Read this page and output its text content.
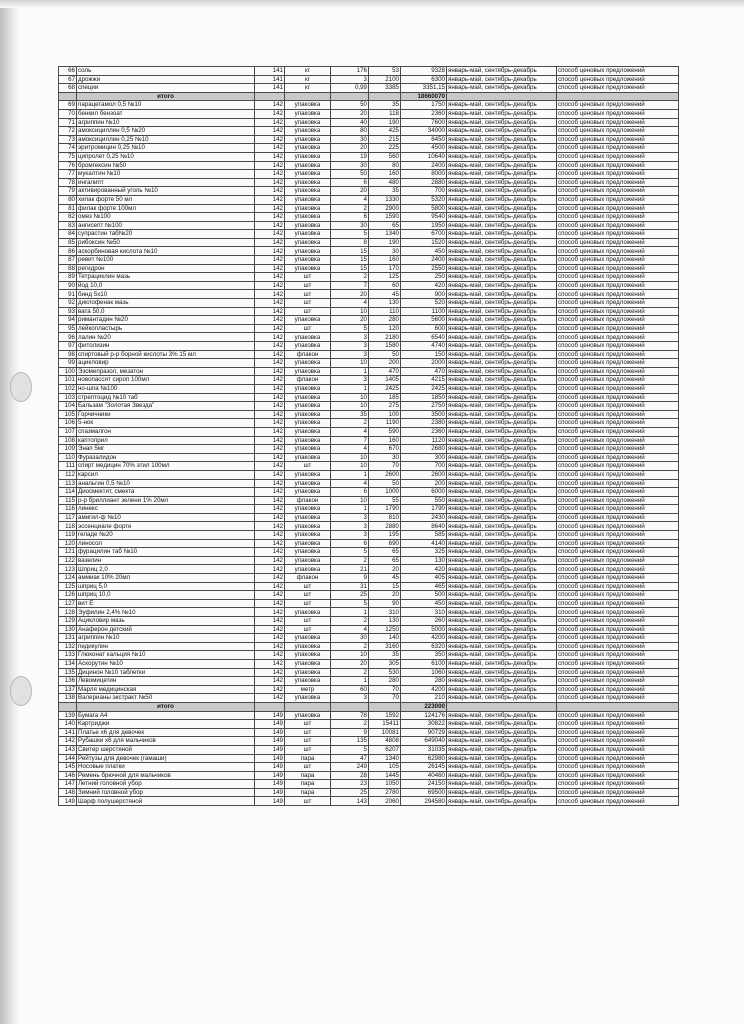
66	соль	141	кг	176	53	9328	январь-май, сентябрь-декабрь	способ ценовых предложений
67	дрожжи	141	кг	3	2100	6300	январь-май, сентябрь-декабрь	способ ценовых предложений
68	специи	141	кг	0,99	3385	3351,15	январь-май, сентябрь-декабрь	способ ценовых предложений
	итого					18660070		
69	парацетамол 0,5 №10	142	упаковка	50	35	1750	январь-май, сентябрь-декабрь	способ ценовых предложений
70	бенкил бензоат	142	упаковка	20	118	2360	январь-май, сентябрь-декабрь	способ ценовых предложений
71	агриппин №10	142	упаковка	40	190	7600	январь-май, сентябрь-декабрь	способ ценовых предложений
72	амоксициллин 0,5 №20	142	упаковка	80	425	34000	январь-май, сентябрь-декабрь	способ ценовых предложений
73	амоксициллин 0,25 №10	142	упаковка	30	215	6450	январь-май, сентябрь-декабрь	способ ценовых предложений
74	эритромицин 0,25 №10	142	упаковка	20	225	4500	январь-май, сентябрь-декабрь	способ ценовых предложений
75	ципролет 0,25 №10	142	упаковка	19	560	10640	январь-май, сентябрь-декабрь	способ ценовых предложений
76	бромгексин №50	142	упаковка	30	80	2400	январь-май, сентябрь-декабрь	способ ценовых предложений
77	мукалтин №10	142	упаковка	50	160	8000	январь-май, сентябрь-декабрь	способ ценовых предложений
78	ингалипт	142	упаковка	6	480	2880	январь-май, сентябрь-декабрь	способ ценовых предложений
79	активированный уголь №10	142	упаковка	20	35	700	январь-май, сентябрь-декабрь	способ ценовых предложений
80	хилак форте 50 мл	142	упаковка	4	1330	5320	январь-май, сентябрь-декабрь	способ ценовых предложений
81	филак форте 100мл	142	упаковка	2	2900	5800	январь-май, сентябрь-декабрь	способ ценовых предложений
82	омез №100	142	упаковка	6	1590	9540	январь-май, сентябрь-декабрь	способ ценовых предложений
83	ангисепт №100	142	упаковка	30	65	1950	январь-май, сентябрь-декабрь	способ ценовых предложений
84	супрастин таб№20	142	упаковка	5	1340	6700	январь-май, сентябрь-декабрь	способ ценовых предложений
85	рибоксин №50	142	упаковка	8	190	1520	январь-май, сентябрь-декабрь	способ ценовых предложений
86	аскорбиновая кислота №10	142	упаковка	15	30	450	январь-май, сентябрь-декабрь	способ ценовых предложений
87	ревит №100	142	упаковка	15	160	2400	январь-май, сентябрь-декабрь	способ ценовых предложений
88	регидрон	142	упаковка	15	170	2550	январь-май, сентябрь-декабрь	способ ценовых предложений
89	Тетрациклин мазь	142	шт	2	125	250	январь-май, сентябрь-декабрь	способ ценовых предложений
90	йод 10,0	142	шт	7	60	420	январь-май, сентябрь-декабрь	способ ценовых предложений
91	бинд 5х10	142	шт	20	45	900	январь-май, сентябрь-декабрь	способ ценовых предложений
92	диклофенак мазь	142	шт	4	130	520	январь-май, сентябрь-декабрь	способ ценовых предложений
93	вата 50,0	142	шт	10	110	1100	январь-май, сентябрь-декабрь	способ ценовых предложений
94	римантадин №20	142	упаковка	20	280	5600	январь-май, сентябрь-декабрь	способ ценовых предложений
95	лейкопластырь	142	шт	5	120	600	январь-май, сентябрь-декабрь	способ ценовых предложений
96	лалин №20	142	упаковка	3	2180	6540	январь-май, сентябрь-декабрь	способ ценовых предложений
97	фитолизин	142	упаковка	3	1580	4740	январь-май, сентябрь-декабрь	способ ценовых предложений
98	спиртовый р-р борной кислоты 3% 15 мл	142	флакон	3	50	150	январь-май, сентябрь-декабрь	способ ценовых предложений
99	ацикловир	142	упаковка	10	200	2000	январь-май, сентябрь-декабрь	способ ценовых предложений
100	Эзомепразол, мезатон	142	упаковка	1	470	470	январь-май, сентябрь-декабрь	способ ценовых предложений
101	новопассит сироп 100мл	142	флакон	3	1405	4215	январь-май, сентябрь-декабрь	способ ценовых предложений
102	но-шпа №100	142	упаковка	1	2425	2425	январь-май, сентябрь-декабрь	способ ценовых предложений
103	стрептоцид №10 таб	142	упаковка	10	185	1850	январь-май, сентябрь-декабрь	способ ценовых предложений
104	Бальзам "Золотая Звезда"	142	упаковка	10	275	2750	январь-май, сентябрь-декабрь	способ ценовых предложений
105	Горчичники	142	упаковка	35	100	3500	январь-май, сентябрь-декабрь	способ ценовых предложений
106	5-нок	142	упаковка	2	1190	2380	январь-май, сентябрь-декабрь	способ ценовых предложений
107	спазмалгон	142	упаковка	4	590	2360	январь-май, сентябрь-декабрь	способ ценовых предложений
108	каптоприл	142	упаковка	7	160	1120	январь-май, сентябрь-декабрь	способ ценовых предложений
109	Энап 5мг	142	упаковка	4	670	2680	январь-май, сентябрь-декабрь	способ ценовых предложений
110	Фуразалидон	142	упаковка	10	30	300	январь-май, сентябрь-декабрь	способ ценовых предложений
111	спирт медицин 70% этил 100мл	142	шт	10	70	700	январь-май, сентябрь-декабрь	способ ценовых предложений
112	карсил	142	упаковка	1	2600	2600	январь-май, сентябрь-декабрь	способ ценовых предложений
113	анальгин 0,5 №10	142	упаковка	4	50	200	январь-май, сентябрь-декабрь	способ ценовых предложений
114	Диосмектит, смекта	142	упаковка	6	1000	6000	январь-май, сентябрь-декабрь	способ ценовых предложений
115	р-р бриллиант зелени 1% 20мл	142	флакон	10	55	550	январь-май, сентябрь-декабрь	способ ценовых предложений
116	линекс	142	упаковка	1	1790	1790	январь-май, сентябрь-декабрь	способ ценовых предложений
117	амигил-ф №10	142	упаковка	3	810	2430	январь-май, сентябрь-декабрь	способ ценовых предложений
118	эссенциале форте	142	упаковка	3	2880	8640	январь-май, сентябрь-декабрь	способ ценовых предложений
119	геладе №20	142	упаковка	3	195	585	январь-май, сентябрь-декабрь	способ ценовых предложений
120	линосол	142	упаковка	6	690	4140	январь-май, сентябрь-декабрь	способ ценовых предложений
121	фурацилин таб №10	142	упаковка	5	65	325	январь-май, сентябрь-декабрь	способ ценовых предложений
122	вазелин	142	упаковка	2	65	130	январь-май, сентябрь-декабрь	способ ценовых предложений
123	Шприц 2,0	142	упаковка	21	20	420	январь-май, сентябрь-декабрь	способ ценовых предложений
124	аммиак 10% 20мл	142	флакон	9	45	405	январь-май, сентябрь-декабрь	способ ценовых предложений
125	шприц 5,0	142	шт	31	15	465	январь-май, сентябрь-декабрь	способ ценовых предложений
126	шприц 10,0	142	шт	25	20	500	январь-май, сентябрь-декабрь	способ ценовых предложений
127	вит Е	142	шт	5	90	450	январь-май, сентябрь-декабрь	способ ценовых предложений
128	Эуфилин 2,4% №10	142	упаковка	1	310	310	январь-май, сентябрь-декабрь	способ ценовых предложений
129	Ацикловир мазь	142	шт	2	130	260	январь-май, сентябрь-декабрь	способ ценовых предложений
130	Анаферон детский	142	шт	4	1250	5000	январь-май, сентябрь-декабрь	способ ценовых предложений
131	агриппин №10	142	упаковка	30	140	4200	январь-май, сентябрь-декабрь	способ ценовых предложений
132	педикулин	142	упаковка	2	3160	6320	январь-май, сентябрь-декабрь	способ ценовых предложений
133	Глюконат кальция №10	142	упаковка	10	35	350	январь-май, сентябрь-декабрь	способ ценовых предложений
134	Аскорутин №10	142	упаковка	20	305	6100	январь-май, сентябрь-декабрь	способ ценовых предложений
135	Дицинон №10 таблетки	142	упаковка	2	530	1060	январь-май, сентябрь-декабрь	способ ценовых предложений
136	Левомицетин	142	упаковка	1	280	280	январь-май, сентябрь-декабрь	способ ценовых предложений
137	Марля медицинская	142	метр	60	70	4200	январь-май, сентябрь-декабрь	способ ценовых предложений
138	Валерианы экстракт №50	142	упаковка	3	70	210	январь-май, сентябрь-декабрь	способ ценовых предложений
	итого					223000		
139	Бумага А4	149	упаковка	78	1592	124176	январь-май, сентябрь-декабрь	способ ценовых предложений
140	Картриджи	149	шт	2	15411	30822	январь-май, сентябрь-декабрь	способ ценовых предложений
141	Платье х6 для девочек	149	шт	9	10081	90729	январь-май, сентябрь-декабрь	способ ценовых предложений
142	Рубашки х6 для мальчиков	149	шт	135	4808	649040	январь-май, сентябрь-декабрь	способ ценовых предложений
143	Свитер шерстяной	149	шт	5	6207	31035	январь-май, сентябрь-декабрь	способ ценовых предложений
144	Рейтузы для девочек (гамаши)	149	пара	47	1340	62980	январь-май, сентябрь-декабрь	способ ценовых предложений
145	Носовые платки	149	шт	249	105	26145	январь-май, сентябрь-декабрь	способ ценовых предложений
146	Ремень брючной для мальчиков	149	пара	28	1445	40460	январь-май, сентябрь-декабрь	способ ценовых предложений
147	Летний головной убор	149	пара	23	1050	24150	январь-май, сентябрь-декабрь	способ ценовых предложений
148	Зимний головной убор	149	пара	25	2780	69500	январь-май, сентябрь-декабрь	способ ценовых предложений
149	Шарф полушерстяной	149	шт	143	2060	294580	январь-май, сентябрь-декабрь	способ ценовых предложений
